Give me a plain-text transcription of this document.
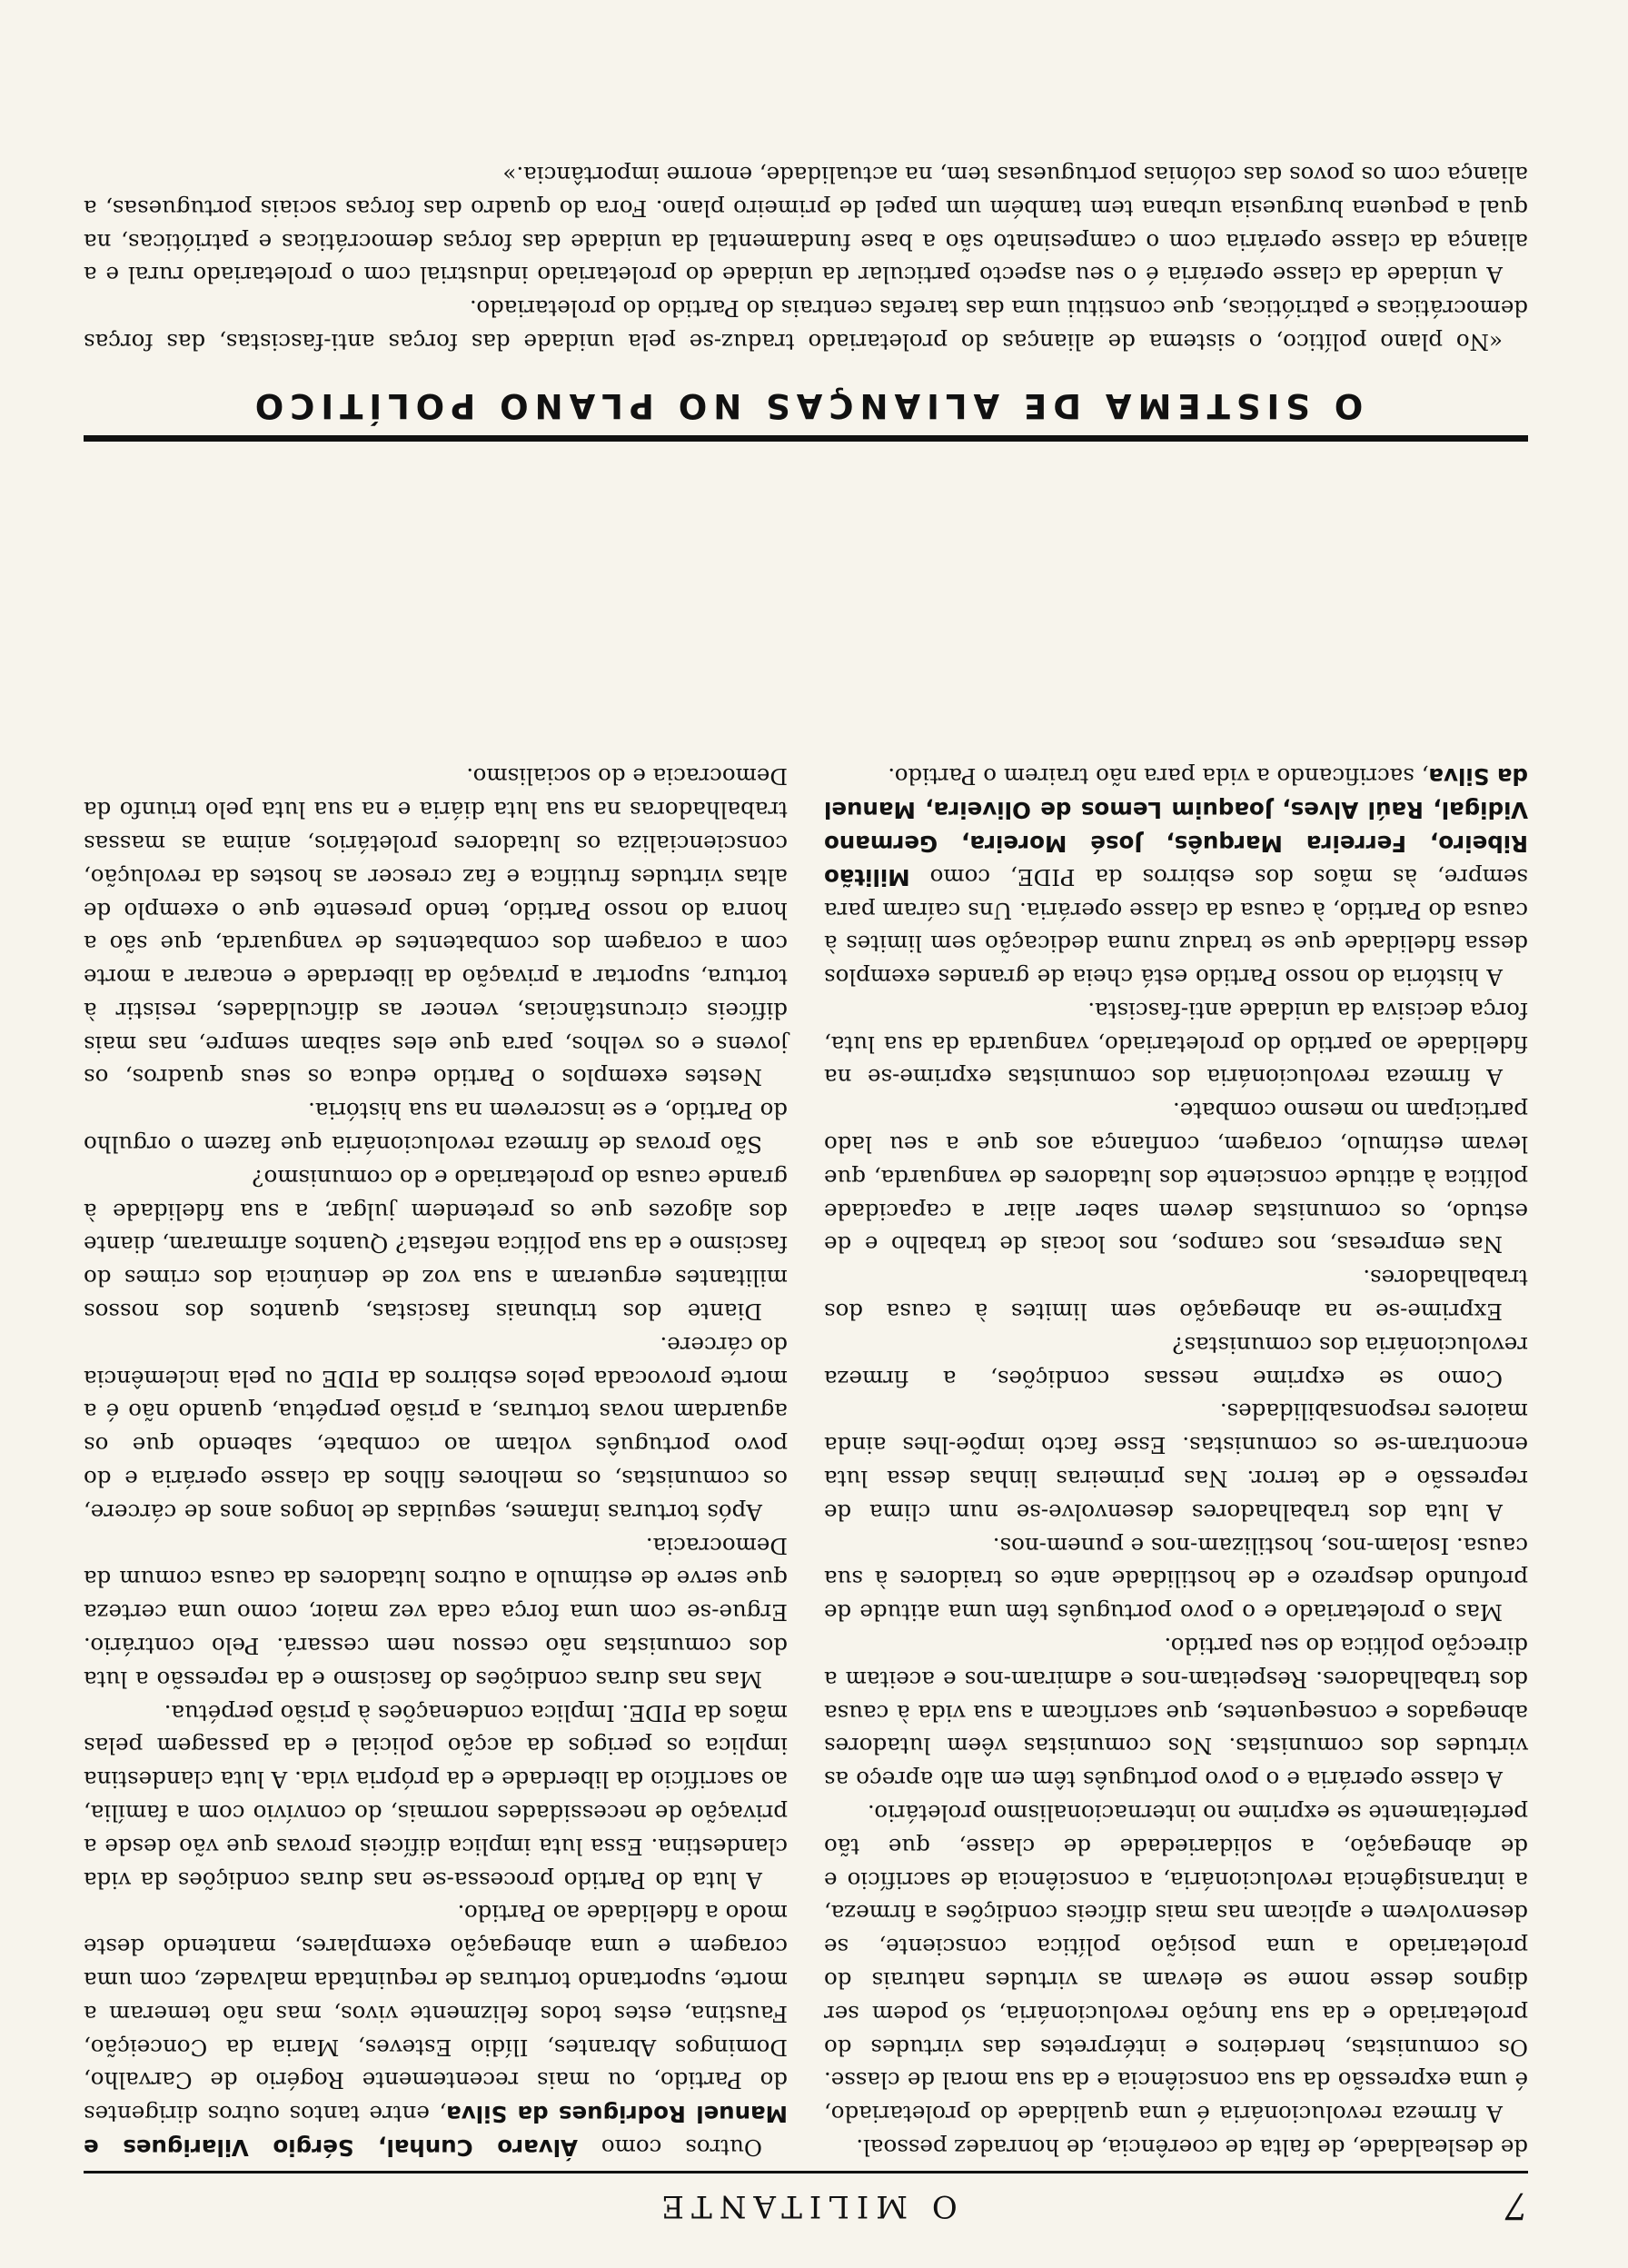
7
O MILITANTE

de deslealdade, de falta de coerência, de honradez pessoal.

A firmeza revolucionária é uma qualidade do proletariado, é uma expressão da sua consciência e da sua moral de classe. Os comunistas, herdeiros e intérpretes das virtudes do proletariado e da sua função revolucionária, só podem ser dignos desse nome se elevam as virtudes naturais do proletariado a uma posição política consciente, se desenvolvem e aplicam nas mais difíceis condições a firmeza, a intransigência revolucionária, a consciência de sacrifício e de abnegação, a solidariedade de classe, que tão perfeitamente se exprime no internacionalismo proletário.

A classe operária e o povo português têm em alto apreço as virtudes dos comunistas. Nos comunistas vêem lutadores abnegados e consequentes, que sacrificam a sua vida à causa dos trabalhadores. Respeitam-nos e admiram-nos e aceitam a direcção política do seu partido.

Mas o proletariado e o povo português têm uma atitude de profundo desprezo e de hostilidade ante os traidores à sua causa. Isolam-nos, hostilizam-nos e punem-nos.

A luta dos trabalhadores desenvolve-se num clima de repressão e de terror. Nas primeiras linhas dessa luta encontram-se os comunistas. Esse facto impõe-lhes ainda maiores responsabilidades.

Como se exprime nessas condições, a firmeza revolucionária dos comunistas?

Exprime-se na abnegação sem limites à causa dos trabalhadores.

Nas empresas, nos campos, nos locais de trabalho e de estudo, os comunistas devem saber aliar a capacidade política à atitude consciente dos lutadores de vanguarda, que levam estímulo, coragem, confiança aos que a seu lado participam no mesmo combate.

A firmeza revolucionária dos comunistas exprime-se na fidelidade ao partido do proletariado, vanguarda da sua luta, força decisiva da unidade anti-fascista.

A história do nosso Partido está cheia de grandes exemplos dessa fidelidade que se traduz numa dedicação sem limites à causa do Partido, à causa da classe operária. Uns caíram para sempre, às mãos dos esbirros da PIDE, como Militão Ribeiro, Ferreira Marquês, José Moreira, Germano Vidigal, Raúl Alves, Joaquim Lemos de Oliveira, Manuel da Silva, sacrificando a vida para não trairem o Partido.

Outros como Álvaro Cunhal, Sérgio Vilarigues e Manuel Rodrigues da Silva, entre tantos outros dirigentes do Partido, ou mais recentemente Rogério de Carvalho, Domingos Abrantes, Ilídio Esteves, Maria da Conceição, Faustina, estes todos felizmente vivos, mas não temeram a morte, suportando torturas de requintada malvadez, com uma coragem e uma abnegação exemplares, mantendo deste modo a fidelidade ao Partido.

A luta do Partido processa-se nas duras condições da vida clandestina. Essa luta implica difíceis provas que vão desde a privação de necessidades normais, do convívio com a família, ao sacrifício da liberdade e da própria vida. A luta clandestina implica os perigos da acção policial e da passagem pelas mãos da PIDE. Implica condenações à prisão perpétua.

Mas nas duras condições do fascismo e da repressão a luta dos comunistas não cessou nem cessará. Pelo contrário. Ergue-se com uma força cada vez maior, como uma certeza que serve de estímulo a outros lutadores da causa comum da Democracia.

Após torturas infames, seguidas de longos anos de cárcere, os comunistas, os melhores filhos da classe operária e do povo português voltam ao combate, sabendo que os aguardam novas torturas, a prisão perpétua, quando não é a morte provocada pelos esbirros da PIDE ou pela inclemência do cárcere.

Diante dos tribunais fascistas, quantos dos nossos militantes ergueram a sua voz de denúncia dos crimes do fascismo e da sua política nefasta? Quantos afirmaram, diante dos algozes que os pretendem julgar, a sua fidelidade à grande causa do proletariado e do comunismo?

São provas de firmeza revolucionária que fazem o orgulho do Partido, e se inscrevem na sua história.

Nestes exemplos o Partido educa os seus quadros, os jovens e os velhos, para que eles saibam sempre, nas mais difíceis circunstâncias, vencer as dificuldades, resistir à tortura, suportar a privação da liberdade e encarar a morte com a coragem dos combatentes de vanguarda, que são a honra do nosso Partido, tendo presente que o exemplo de altas virtudes frutifica e faz crescer as hostes da revolução, consciencializa os lutadores proletários, anima as massas trabalhadoras na sua luta diária e na sua luta pelo triunfo da Democracia e do socialismo.

O SISTEMA DE ALIANÇAS NO PLANO POLÍTICO

«No plano político, o sistema de alianças do proletariado traduz-se pela unidade das forças anti-fascistas, das forças democráticas e patrióticas, que constitui uma das tarefas centrais do Partido do proletariado.

A unidade da classe operária é o seu aspecto particular da unidade do proletariado industrial com o proletariado rural e a aliança da classe operária com o campesinato são a base fundamental da unidade das forças democráticas e patrióticas, na qual a pequena burguesia urbana tem também um papel de primeiro plano. Fora do quadro das forças sociais portuguesas, a aliança com os povos das colónias portuguesas tem, na actualidade, enorme importância.»
